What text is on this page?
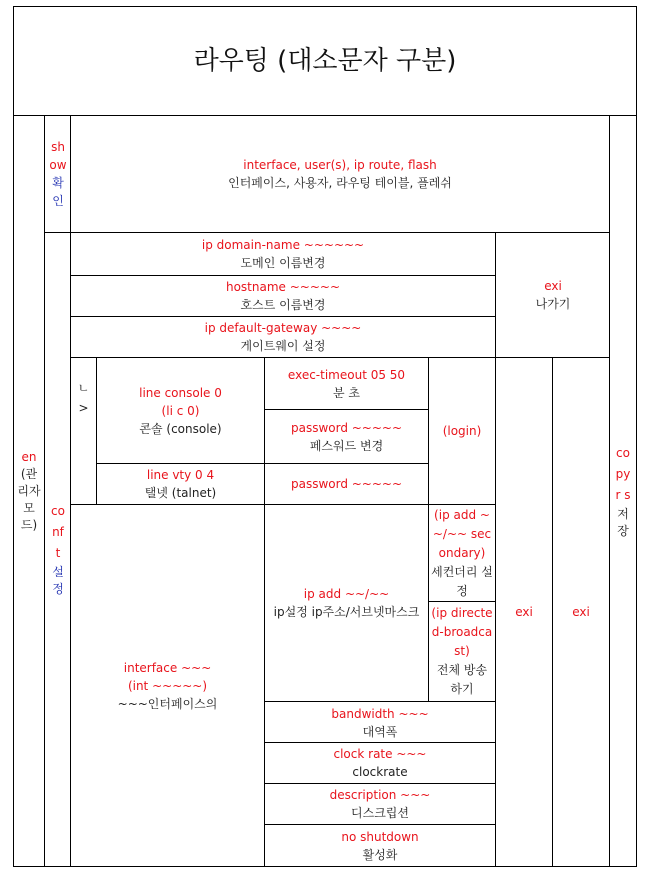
라우팅 (대소문자 구분)
en
(관리자모드)
show
확인
interface, user(s), ip route, flash
인터페이스, 사용자, 라우팅 테이블, 플레쉬
conf t
설정
ip domain-name ~~~~~~
도메인 이름변경
hostname ~~~~~
호스트 이름변경
ip default-gateway ~~~~
게이트웨이 설정
exi
나가기
ㄴ >
line console 0
(li c 0)
콘솔 (console)
exec-timeout 05 50
분 초
password ~~~~~
페스워드 변경
(login)
line vty 0 4
탤넷 (talnet)
password ~~~~~
interface ~~~
(int ~~~~~)
~~~인터페이스의
ip add ~~/~~
ip설정 ip주소/서브넷마스크
(ip add ~~/~~ secondary)
세컨더리 설정
(ip directed-broadcast)
전체 방송 하기
bandwidth ~~~
대역폭
clock rate ~~~
clockrate
description ~~~
디스크립션
no shutdown
활성화
exi	exi
copy r s
저장
